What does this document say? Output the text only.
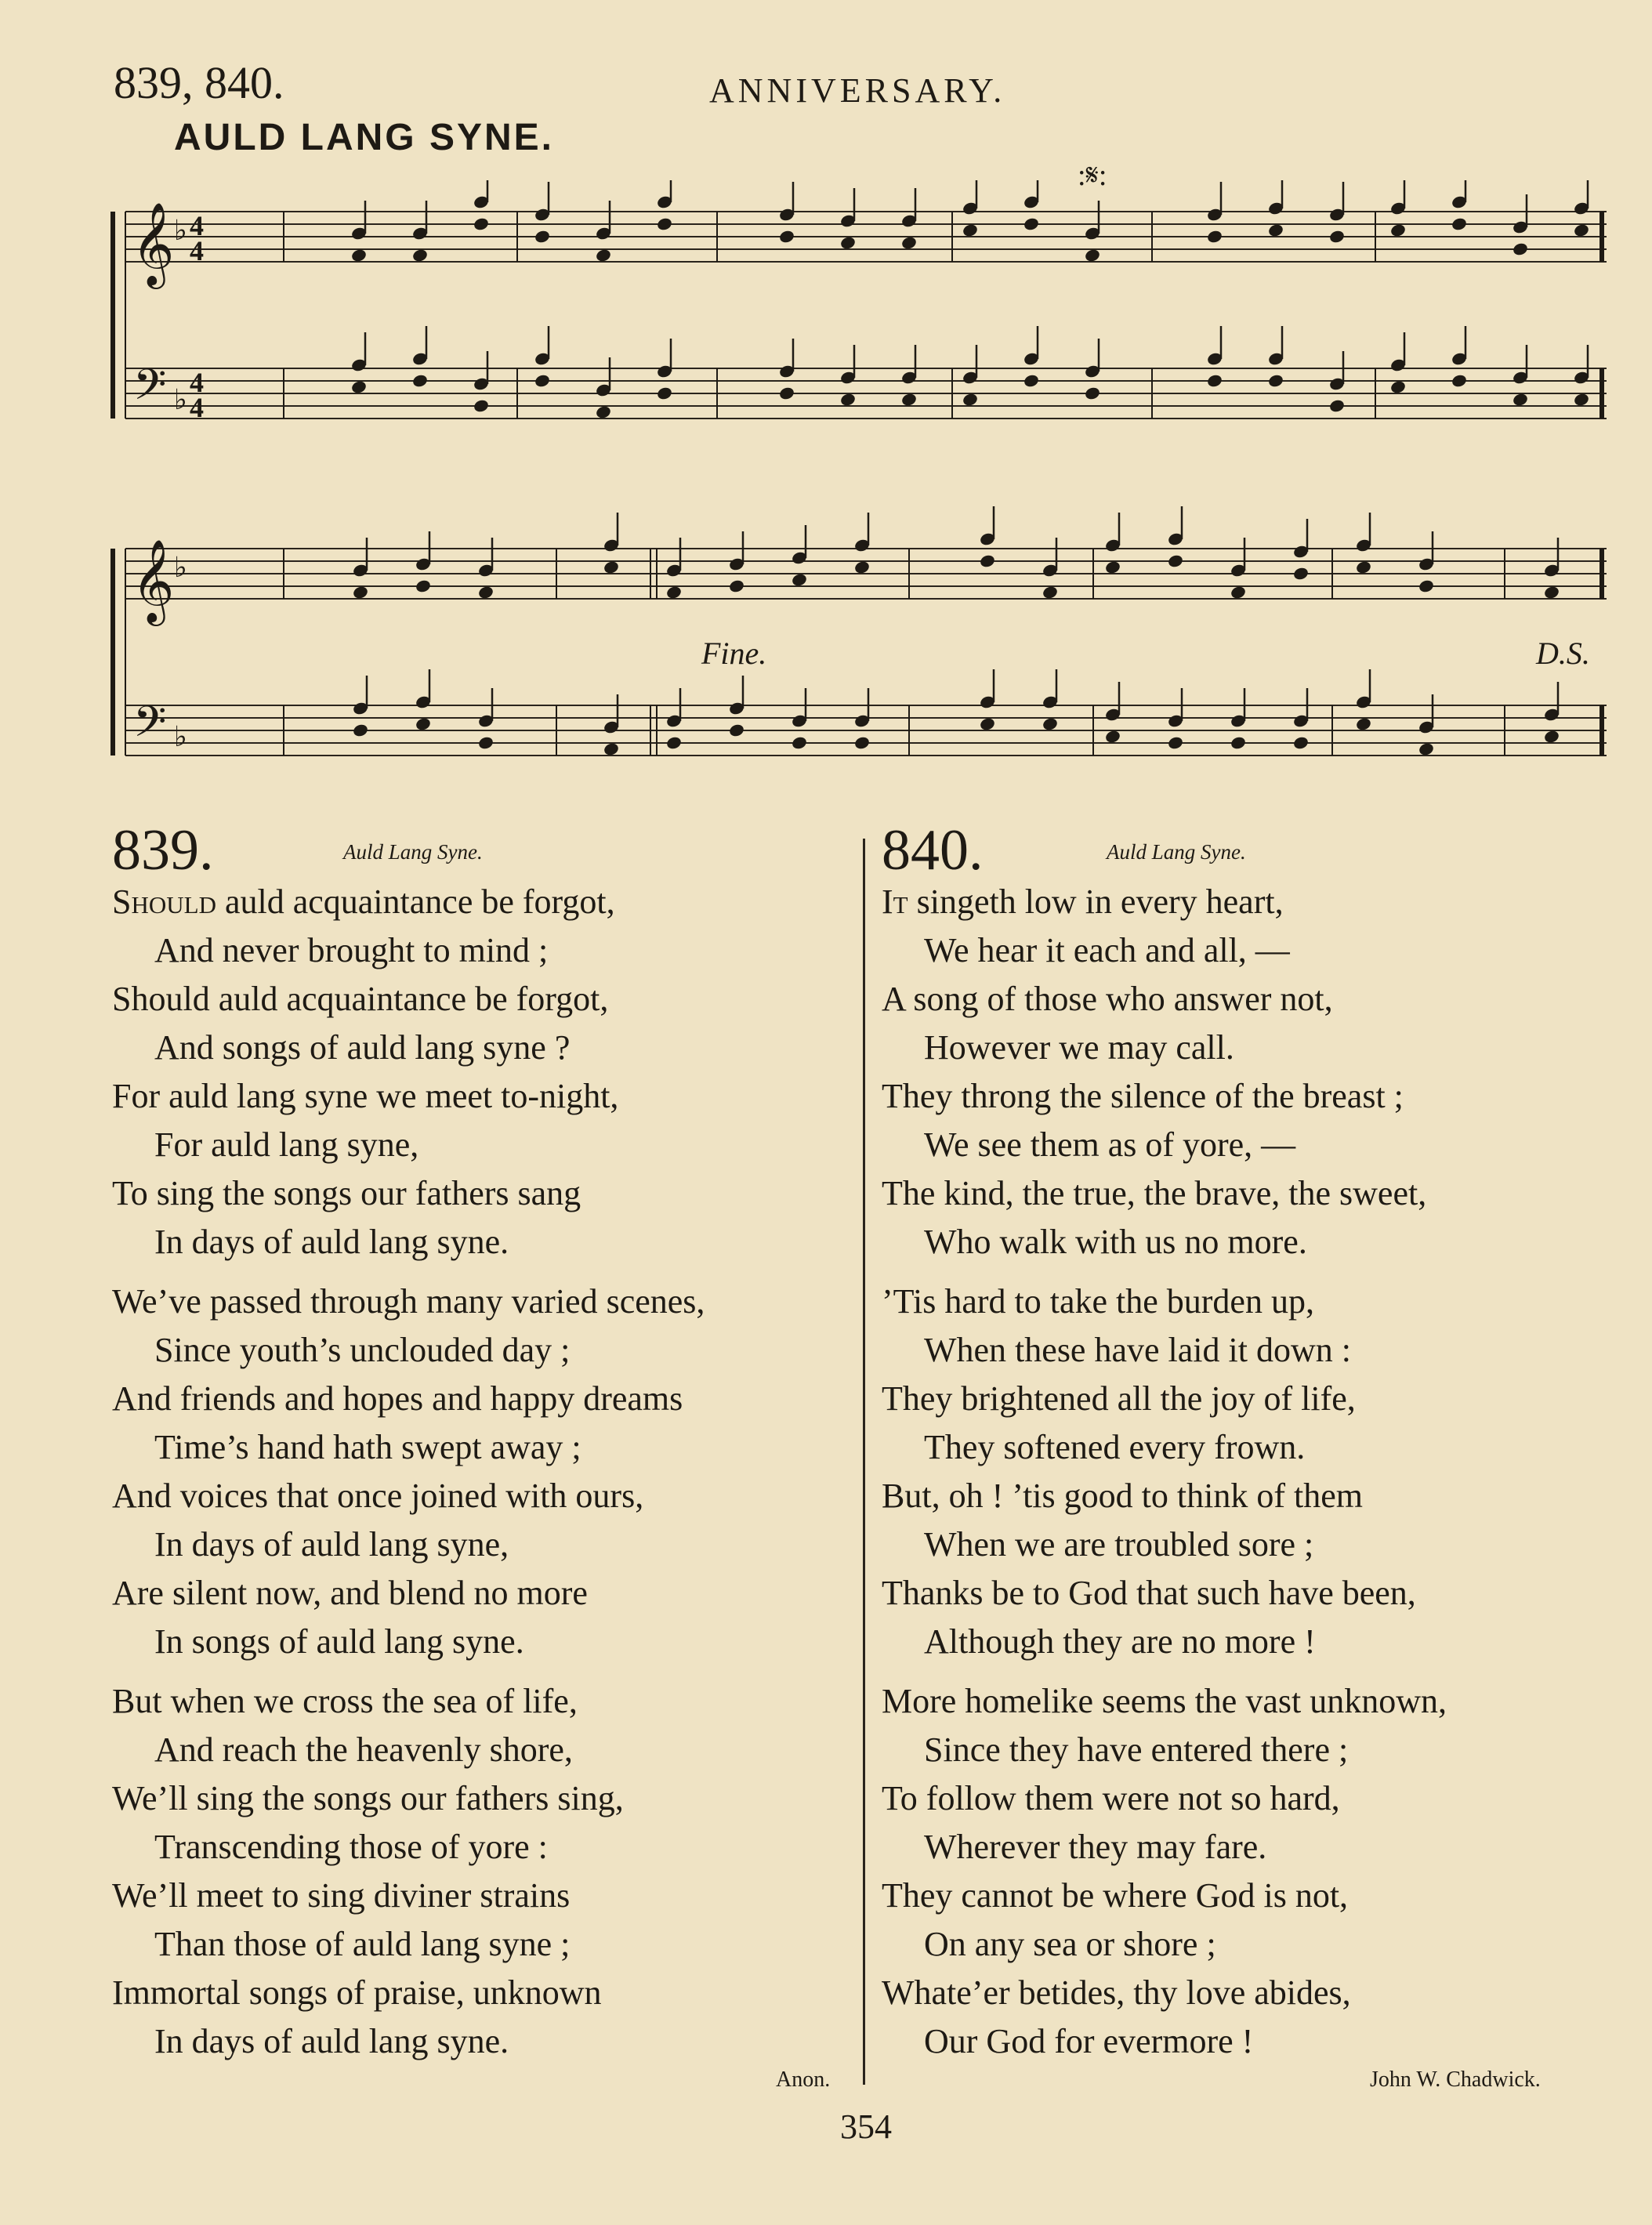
839, 840.	ANNIVERSARY.
AULD LANG SYNE.
𝄞
𝄢
♭
♭
4
4
4
4
:𝄋:
𝄞
𝄢
♭
♭
Fine.	D.S.
839.	Auld Lang Syne.
Should auld acquaintance be forgot,
And never brought to mind ;
Should auld acquaintance be forgot,
And songs of auld lang syne ?
For auld lang syne we meet to-night,
For auld lang syne,
To sing the songs our fathers sang
In days of auld lang syne.
We’ve passed through many varied scenes,
Since youth’s unclouded day ;
And friends and hopes and happy dreams
Time’s hand hath swept away ;
And voices that once joined with ours,
In days of auld lang syne,
Are silent now, and blend no more
In songs of auld lang syne.
But when we cross the sea of life,
And reach the heavenly shore,
We’ll sing the songs our fathers sing,
Transcending those of yore :
We’ll meet to sing diviner strains
Than those of auld lang syne ;
Immortal songs of praise, unknown
In days of auld lang syne.
840.	Auld Lang Syne.
It singeth low in every heart,
We hear it each and all, —
A song of those who answer not,
However we may call.
They throng the silence of the breast ;
We see them as of yore, —
The kind, the true, the brave, the sweet,
Who walk with us no more.
’Tis hard to take the burden up,
When these have laid it down :
They brightened all the joy of life,
They softened every frown.
But, oh ! ’tis good to think of them
When we are troubled sore ;
Thanks be to God that such have been,
Although they are no more !
More homelike seems the vast unknown,
Since they have entered there ;
To follow them were not so hard,
Wherever they may fare.
They cannot be where God is not,
On any sea or shore ;
Whate’er betides, thy love abides,
Our God for evermore !
Anon.	John W. Chadwick.
354
